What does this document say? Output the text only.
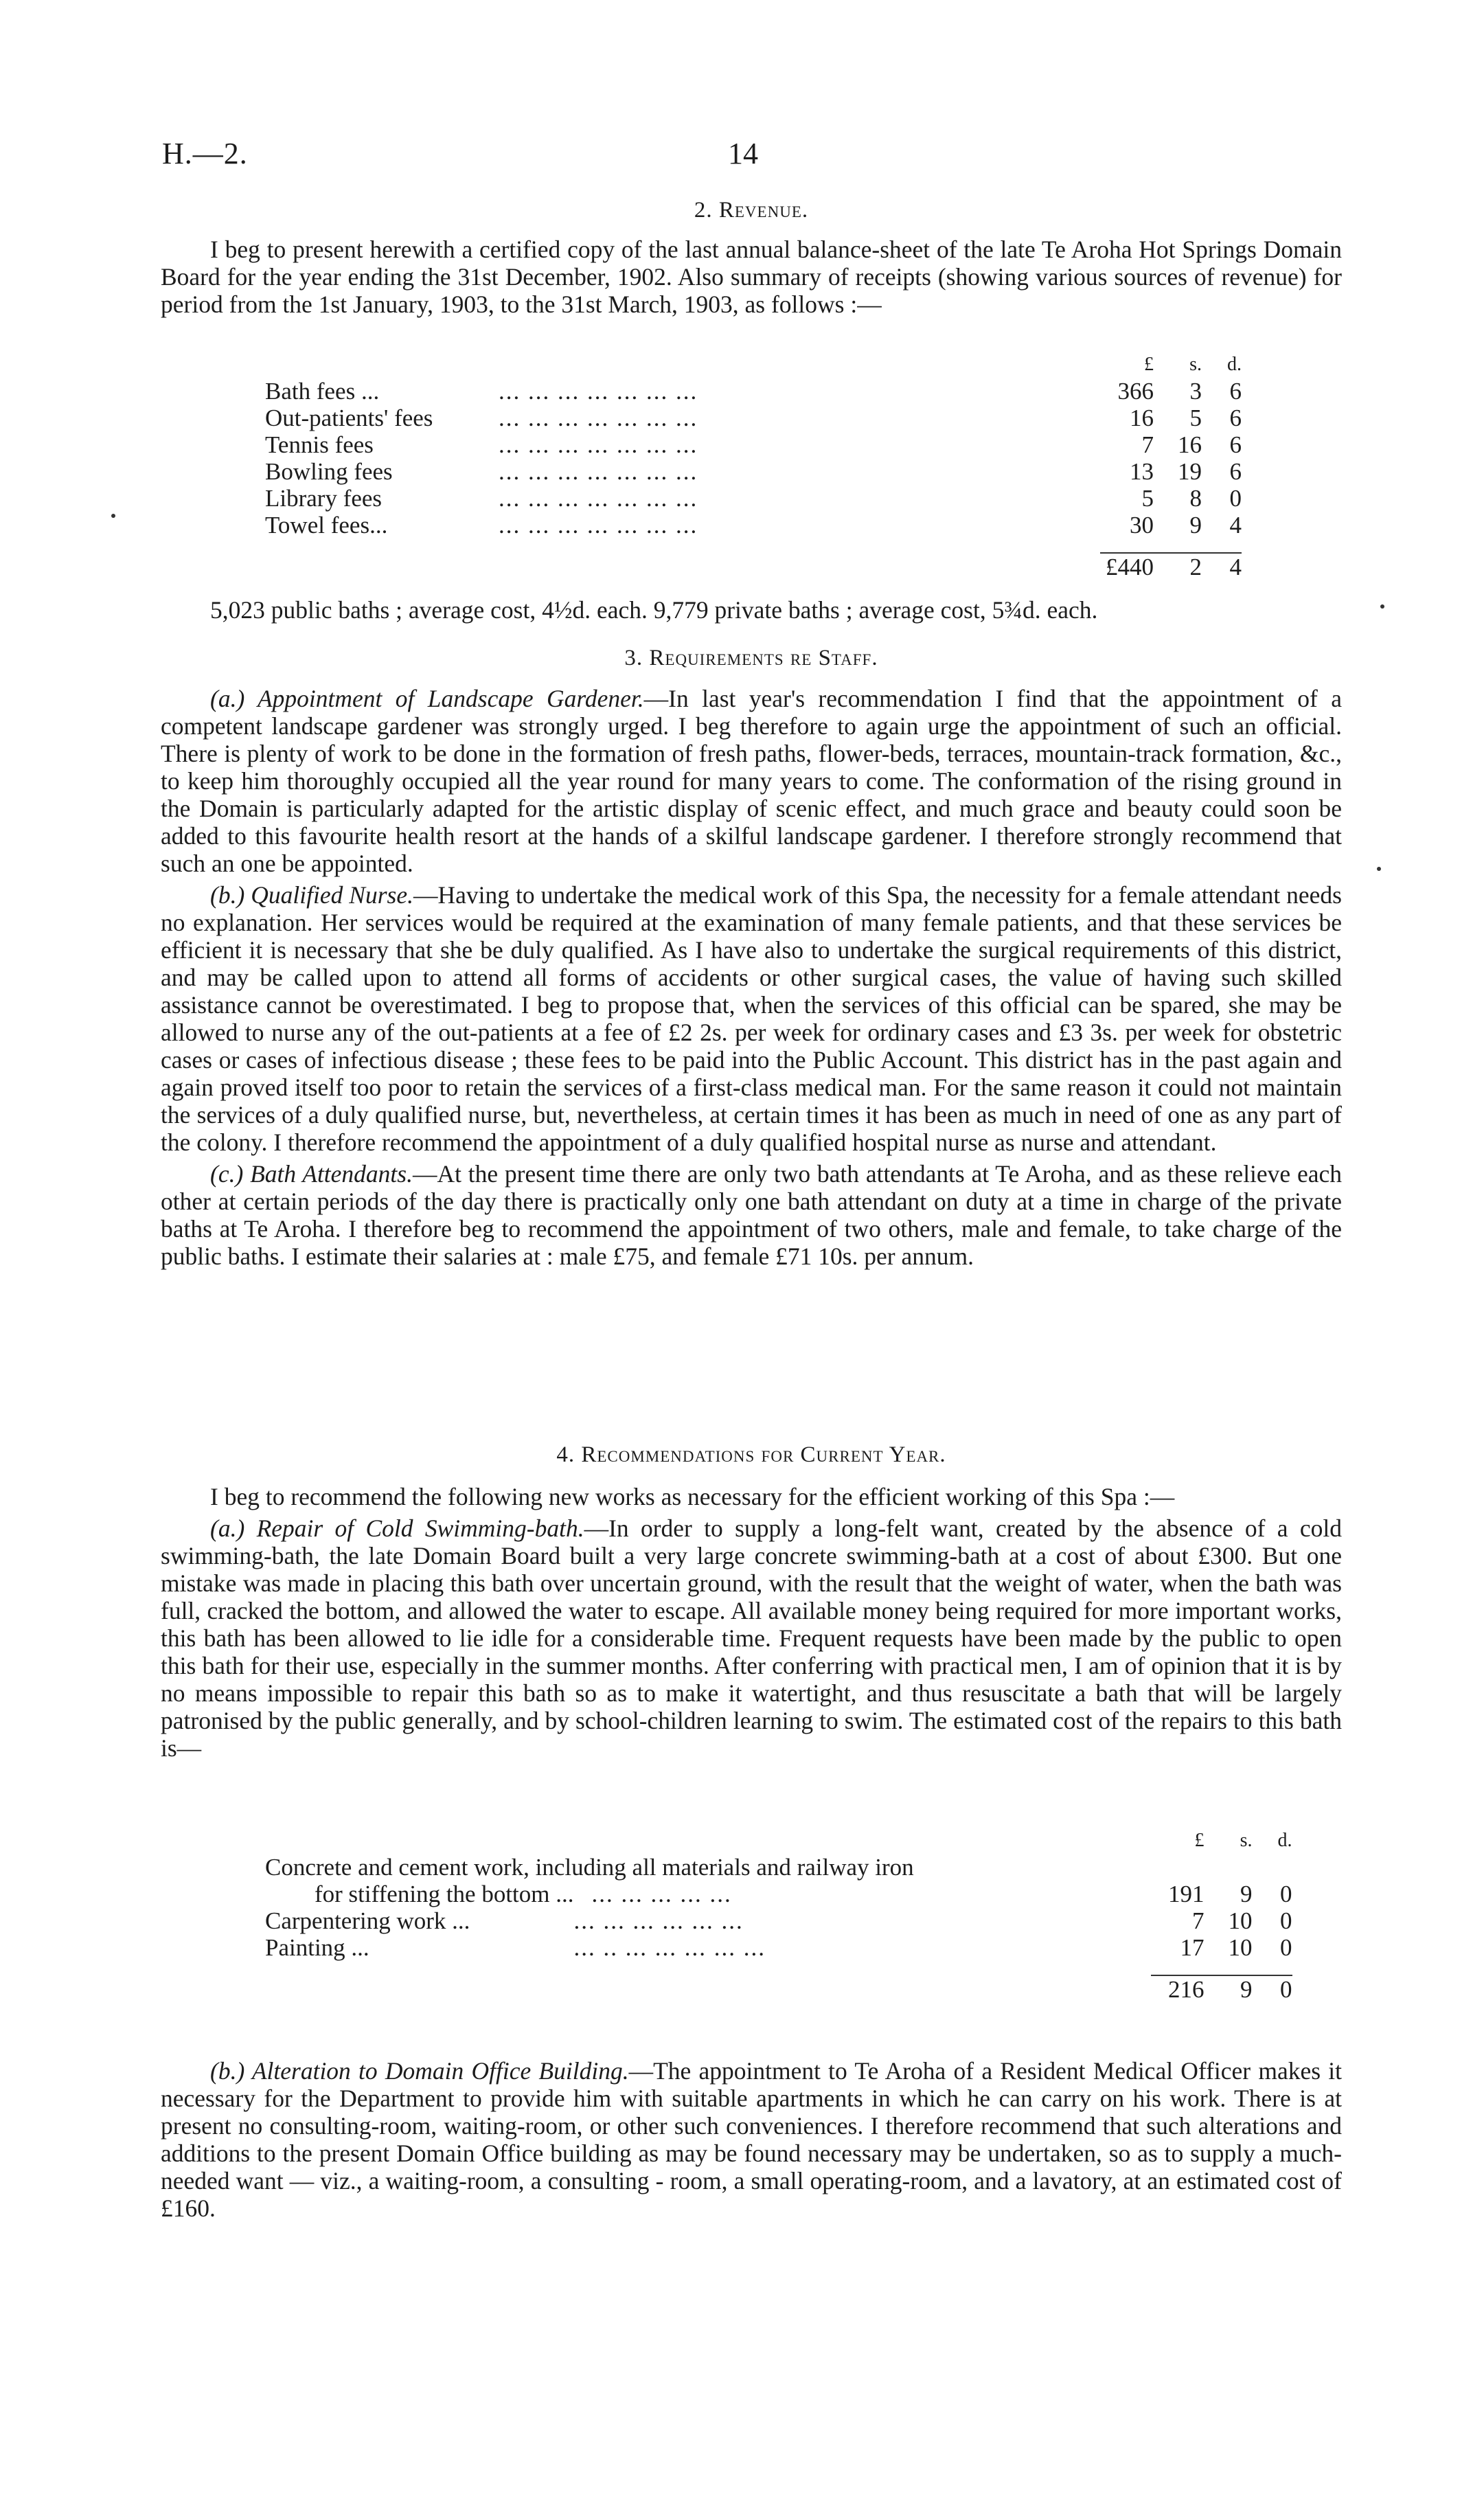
H.—2.	14

2. Revenue.

I beg to present herewith a certified copy of the last annual balance-sheet of the late Te Aroha Hot Springs Domain Board for the year ending the 31st December, 1902. Also summary of receipts (showing various sources of revenue) for period from the 1st January, 1903, to the 31st March, 1903, as follows :—

		£	s.	d.
Bath fees ...	... ... ... ... ... ... ...	366	3	6
Out-patients' fees	... ... ... ... ... ... ...	16	5	6
Tennis fees	... ... ... ... ... ... ...	7	16	6
Bowling fees	... ... ... ... ... ... ...	13	19	6
Library fees	... ... ... ... ... ... ...	5	8	0
Towel fees...	... ... ... ... ... ... ...	30	9	4

		£440	2	4

5,023 public baths ; average cost, 4½d. each. 9,779 private baths ; average cost, 5¾d. each.

3. Requirements re Staff.

(a.) Appointment of Landscape Gardener.—In last year's recommendation I find that the appointment of a competent landscape gardener was strongly urged. I beg therefore to again urge the appointment of such an official. There is plenty of work to be done in the formation of fresh paths, flower-beds, terraces, mountain-track formation, &c., to keep him thoroughly occupied all the year round for many years to come. The conformation of the rising ground in the Domain is particularly adapted for the artistic display of scenic effect, and much grace and beauty could soon be added to this favourite health resort at the hands of a skilful landscape gardener. I therefore strongly recommend that such an one be appointed.

(b.) Qualified Nurse.—Having to undertake the medical work of this Spa, the necessity for a female attendant needs no explanation. Her services would be required at the examination of many female patients, and that these services be efficient it is necessary that she be duly qualified. As I have also to undertake the surgical requirements of this district, and may be called upon to attend all forms of accidents or other surgical cases, the value of having such skilled assistance cannot be overestimated. I beg to propose that, when the services of this official can be spared, she may be allowed to nurse any of the out-patients at a fee of £2 2s. per week for ordinary cases and £3 3s. per week for obstetric cases or cases of infectious disease ; these fees to be paid into the Public Account. This district has in the past again and again proved itself too poor to retain the services of a first-class medical man. For the same reason it could not maintain the services of a duly qualified nurse, but, nevertheless, at certain times it has been as much in need of one as any part of the colony. I therefore recommend the appointment of a duly qualified hospital nurse as nurse and attendant.

(c.) Bath Attendants.—At the present time there are only two bath attendants at Te Aroha, and as these relieve each other at certain periods of the day there is practically only one bath attendant on duty at a time in charge of the private baths at Te Aroha. I therefore beg to recommend the appointment of two others, male and female, to take charge of the public baths. I estimate their salaries at : male £75, and female £71 10s. per annum.

4. Recommendations for Current Year.

I beg to recommend the following new works as necessary for the efficient working of this Spa :—

(a.) Repair of Cold Swimming-bath.—In order to supply a long-felt want, created by the absence of a cold swimming-bath, the late Domain Board built a very large concrete swimming-bath at a cost of about £300. But one mistake was made in placing this bath over uncertain ground, with the result that the weight of water, when the bath was full, cracked the bottom, and allowed the water to escape. All available money being required for more important works, this bath has been allowed to lie idle for a considerable time. Frequent requests have been made by the public to open this bath for their use, especially in the summer months. After conferring with practical men, I am of opinion that it is by no means impossible to repair this bath so as to make it watertight, and thus resuscitate a bath that will be largely patronised by the public generally, and by school-children learning to swim. The estimated cost of the repairs to this bath is—

		£	s.	d.
Concrete and cement work, including all materials and railway iron				
for stiffening the bottom ...	... ... ... ... ...	191	9	0
Carpentering work ...	... ... ... ... ... ...	7	10	0
Painting ...	... .. ... ... ... ... ...	17	10	0

		216	9	0

(b.) Alteration to Domain Office Building.—The appointment to Te Aroha of a Resident Medical Officer makes it necessary for the Department to provide him with suitable apartments in which he can carry on his work. There is at present no consulting-room, waiting-room, or other such conveniences. I therefore recommend that such alterations and additions to the present Domain Office building as may be found necessary may be undertaken, so as to supply a much-needed want — viz., a waiting-room, a consulting - room, a small operating-room, and a lavatory, at an estimated cost of £160.
